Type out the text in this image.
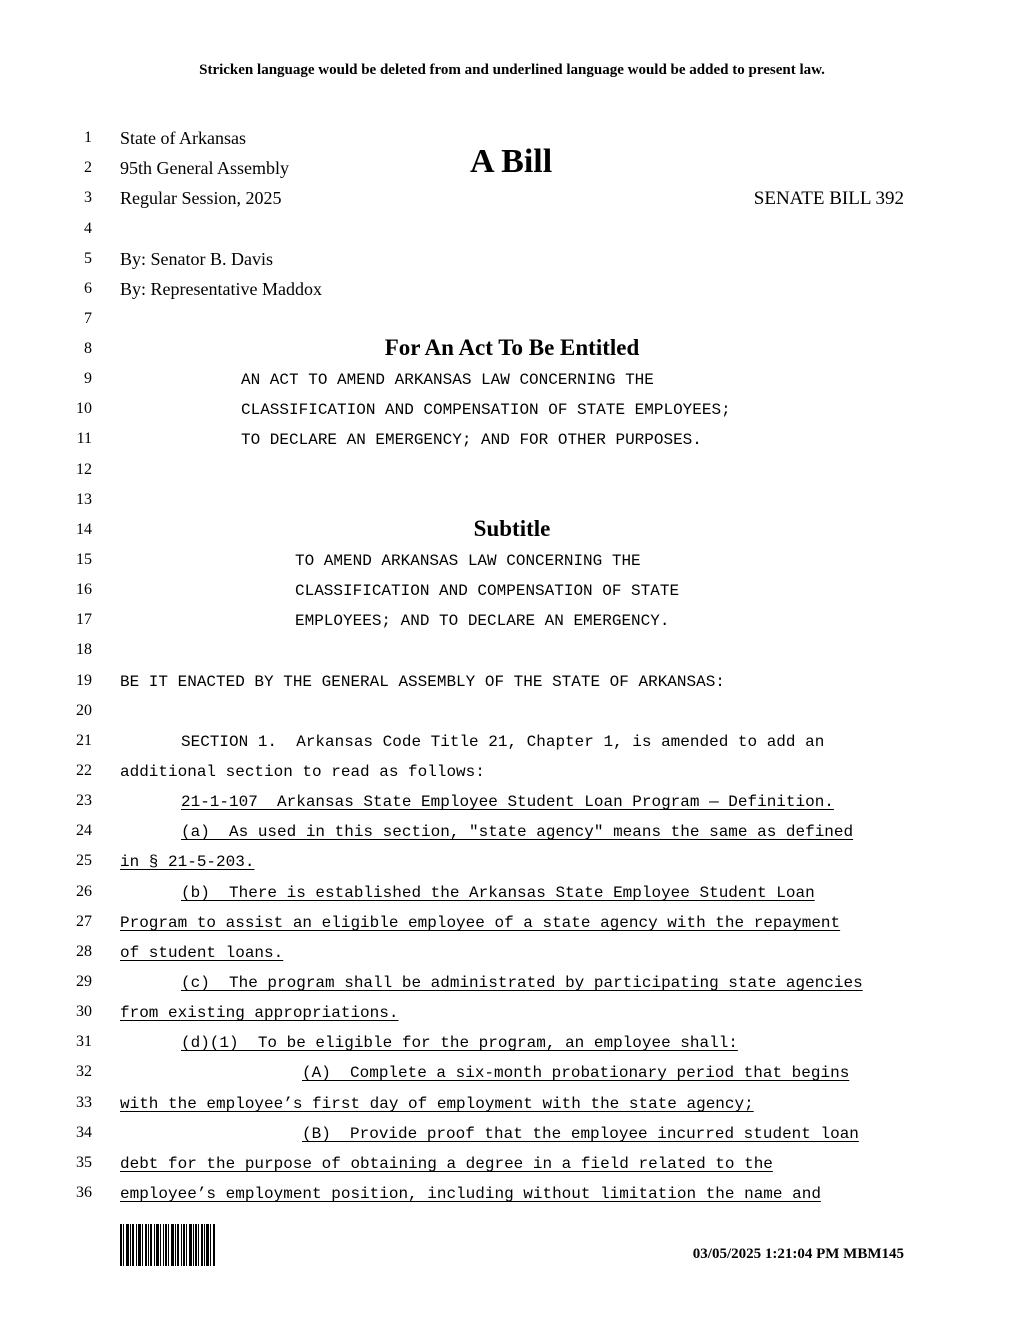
Stricken language would be deleted from and underlined language would be added to present law.
1
2
3
4
5
6
7
8
9
10
11
12
13
14
15
16
17
18
19
20
21
22
23
24
25
26
27
28
29
30
31
32
33
34
35
36
State of Arkansas
95th General Assembly
Regular Session, 2025
A Bill
SENATE BILL 392
By: Senator B. Davis
By: Representative Maddox
For An Act To Be Entitled
AN ACT TO AMEND ARKANSAS LAW CONCERNING THE
CLASSIFICATION AND COMPENSATION OF STATE EMPLOYEES;
TO DECLARE AN EMERGENCY; AND FOR OTHER PURPOSES.
Subtitle
TO AMEND ARKANSAS LAW CONCERNING THE
CLASSIFICATION AND COMPENSATION OF STATE
EMPLOYEES; AND TO DECLARE AN EMERGENCY.
BE IT ENACTED BY THE GENERAL ASSEMBLY OF THE STATE OF ARKANSAS:
SECTION 1.  Arkansas Code Title 21, Chapter 1, is amended to add an
additional section to read as follows:
21-1-107  Arkansas State Employee Student Loan Program — Definition.
(a)  As used in this section, "state agency" means the same as defined
in § 21-5-203.
(b)  There is established the Arkansas State Employee Student Loan
Program to assist an eligible employee of a state agency with the repayment
of student loans.
(c)  The program shall be administrated by participating state agencies
from existing appropriations.
(d)(1)  To be eligible for the program, an employee shall:
(A)  Complete a six-month probationary period that begins
with the employee’s first day of employment with the state agency;
(B)  Provide proof that the employee incurred student loan
debt for the purpose of obtaining a degree in a field related to the
employee’s employment position, including without limitation the name and
03/05/2025 1:21:04 PM MBM145
